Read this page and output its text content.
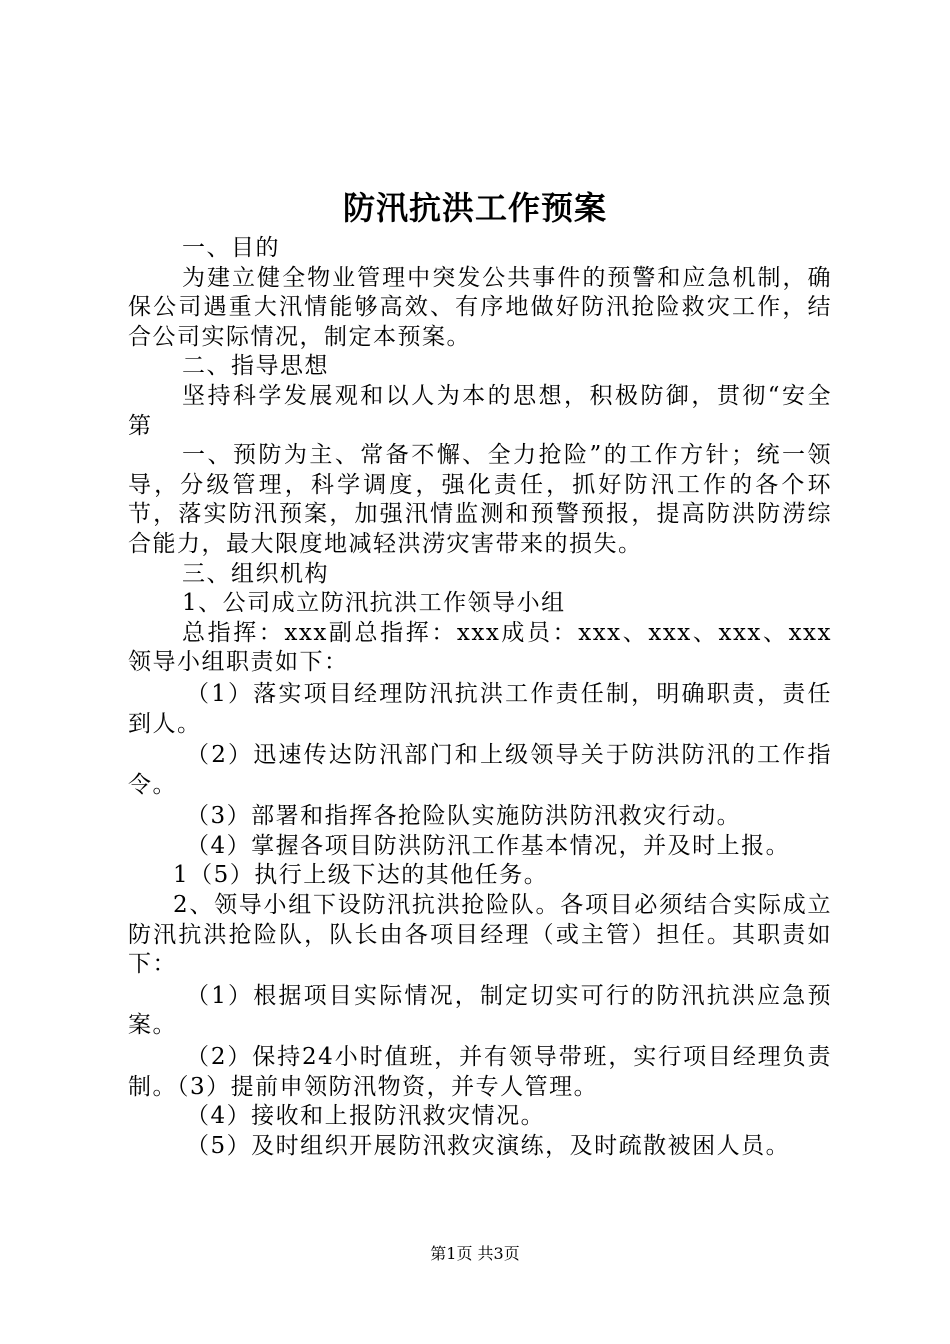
防汛抗洪工作预案

一、目的

为建立健全物业管理中突发公共事件的预警和应急机制，确保公司遇重大汛情能够高效、有序地做好防汛抢险救灾工作，结合公司实际情况，制定本预案。

二、指导思想

坚持科学发展观和以人为本的思想，积极防御，贯彻“安全第

一、预防为主、常备不懈、全力抢险”的工作方针；统一领导，分级管理，科学调度，强化责任，抓好防汛工作的各个环节，落实防汛预案，加强汛情监测和预警预报，提高防洪防涝综合能力，最大限度地减轻洪涝灾害带来的损失。

三、组织机构

1、公司成立防汛抗洪工作领导小组

总指挥：xxx副总指挥：xxx成员：xxx、xxx、xxx、xxx领导小组职责如下：

（1）落实项目经理防汛抗洪工作责任制，明确职责，责任到人。

（2）迅速传达防汛部门和上级领导关于防洪防汛的工作指令。

（3）部署和指挥各抢险队实施防洪防汛救灾行动。

（4）掌握各项目防洪防汛工作基本情况，并及时上报。

1（5）执行上级下达的其他任务。

2、领导小组下设防汛抗洪抢险队。各项目必须结合实际成立防汛抗洪抢险队，队长由各项目经理（或主管）担任。其职责如下：

（1）根据项目实际情况，制定切实可行的防汛抗洪应急预案。

（2）保持24小时值班，并有领导带班，实行项目经理负责制。（3）提前申领防汛物资，并专人管理。

（4）接收和上报防汛救灾情况。

（5）及时组织开展防汛救灾演练，及时疏散被困人员。

第1页 共3页
